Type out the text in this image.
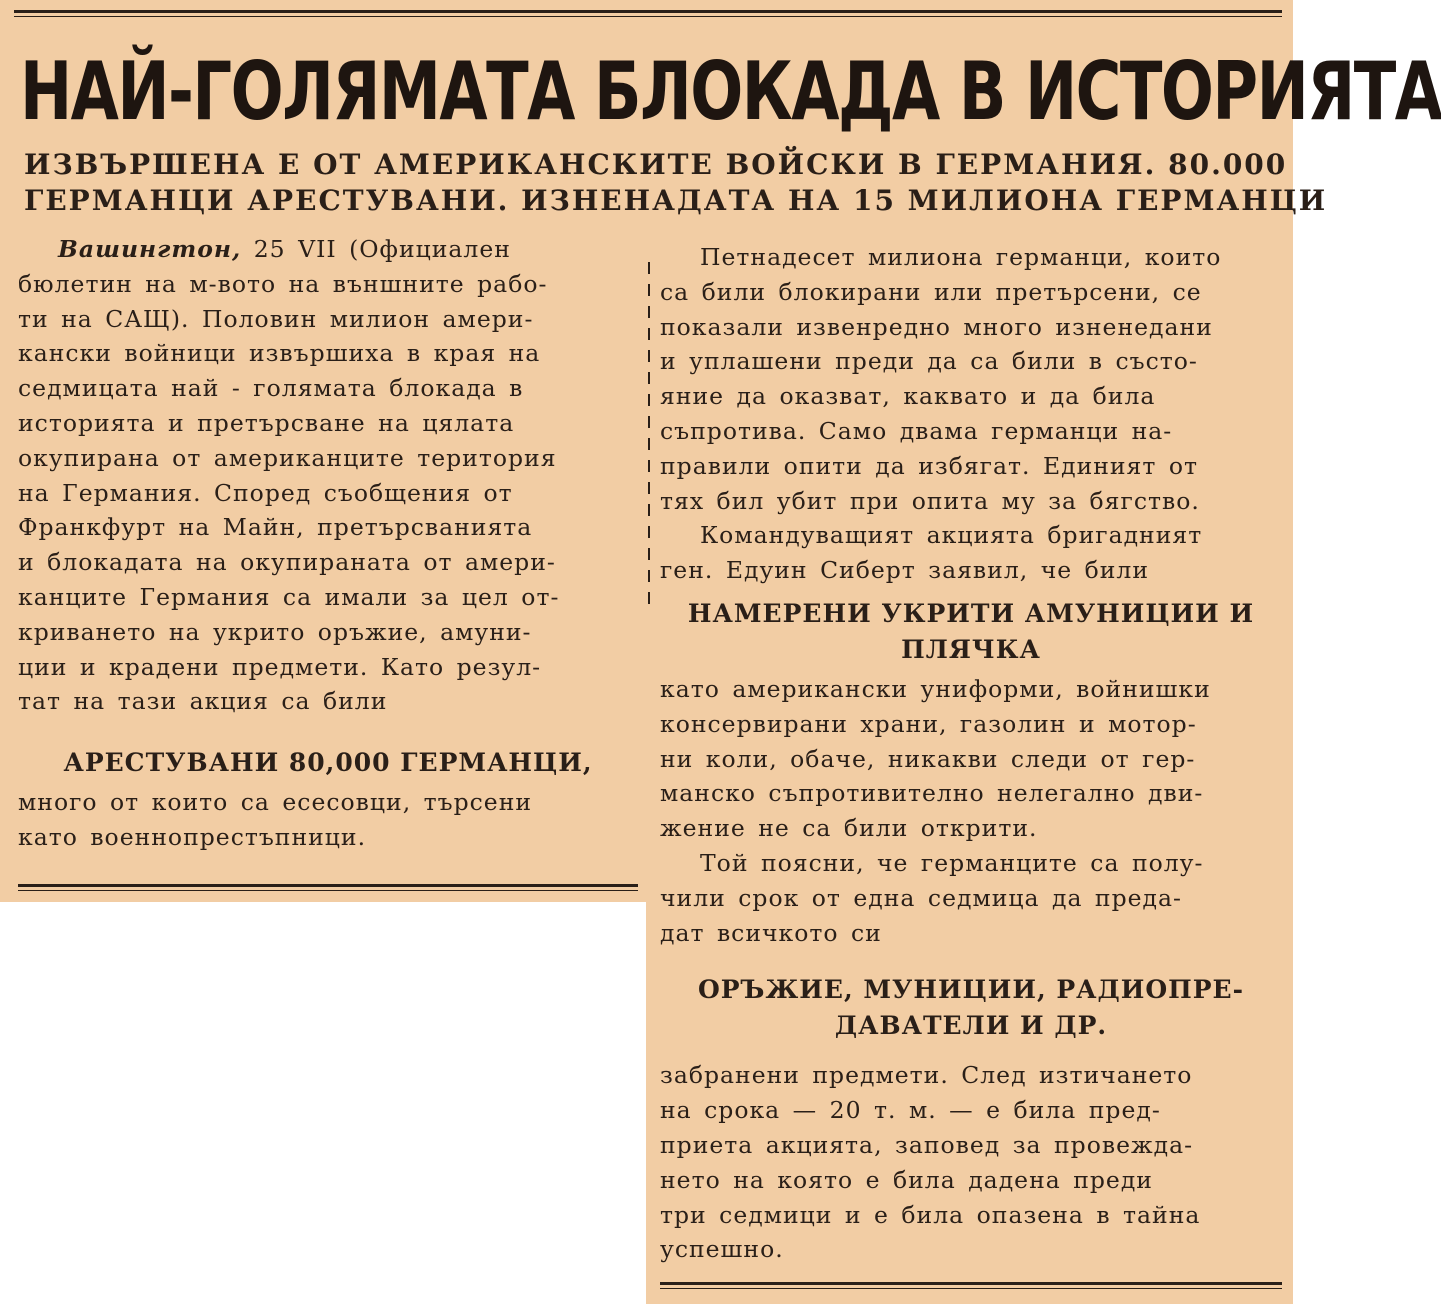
НАЙ-ГОЛЯМАТА БЛОКАДА В ИСТОРИЯТА
ИЗВЪРШЕНА Е ОТ АМЕРИКАНСКИТЕ ВОЙСКИ В ГЕРМАНИЯ. 80.000
ГЕРМАНЦИ АРЕСТУВАНИ. ИЗНЕНАДАТА НА 15 МИЛИОНА ГЕРМАНЦИ
Вашингтон, 25 VII (Официален
бюлетин на м-вото на външните рабо-
ти на САЩ). Половин милион амери-
кански войници извършиха в края на
седмицата най - голямата блокада в
историята и претърсване на цялата
окупирана от американците територия
на Германия. Според съобщения от
Франкфурт на Майн, претърсванията
и блокадата на окупираната от амери-
канците Германия са имали за цел от-
криването на укрито оръжие, амуни-
ции и крадени предмети. Като резул-
тат на тази акция са били
АРЕСТУВАНИ 80,000 ГЕРМАНЦИ,
много от които са есесовци, търсени
като военнопрестъпници.
Петнадесет милиона германци, които
са били блокирани или претърсени, се
показали извенредно много изненедани
и уплашени преди да са били в състо-
яние да оказват, каквато и да била
съпротива. Само двама германци на-
правили опити да избягат. Единият от
тях бил убит при опита му за бягство.
Командуващият акцията бригадният
ген. Едуин Сиберт заявил, че били
НАМЕРЕНИ УКРИТИ АМУНИЦИИ И
ПЛЯЧКА
като американски униформи, войнишки
консервирани храни, газолин и мотор-
ни коли, обаче, никакви следи от гер-
манско съпротивително нелегално дви-
жение не са били открити.
Той поясни, че германците са полу-
чили срок от една седмица да преда-
дат всичкото си
ОРЪЖИЕ, МУНИЦИИ, РАДИОПРЕ-
ДАВАТЕЛИ И ДР.
забранени предмети. След изтичането
на срока — 20 т. м. — е била пред-
приета акцията, заповед за провеждa-
нето на която е била дадена преди
три седмици и е била опазена в тайна
успешно.
